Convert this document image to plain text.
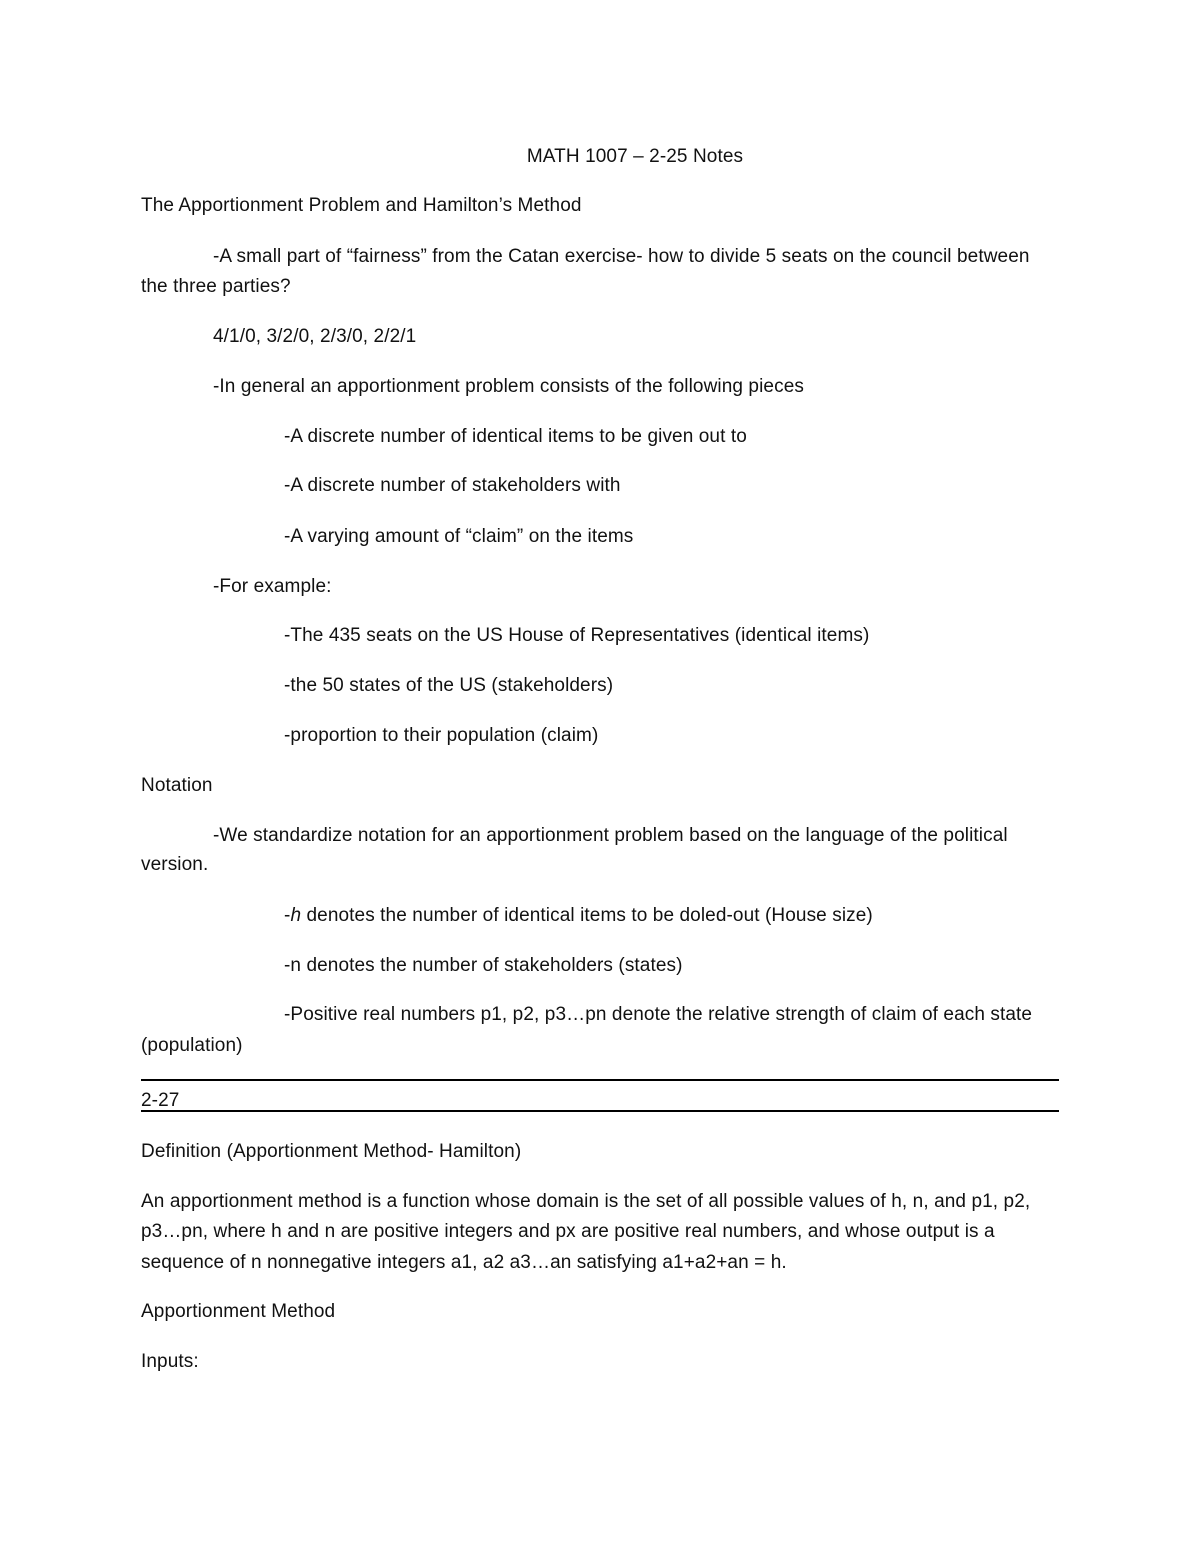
MATH 1007 – 2-25 Notes
The Apportionment Problem and Hamilton’s Method
-A small part of “fairness” from the Catan exercise- how to divide 5 seats on the council between
the three parties?
4/1/0, 3/2/0, 2/3/0, 2/2/1
-In general an apportionment problem consists of the following pieces
-A discrete number of identical items to be given out to
-A discrete number of stakeholders with
-A varying amount of “claim” on the items
-For example:
-The 435 seats on the US House of Representatives (identical items)
-the 50 states of the US (stakeholders)
-proportion to their population (claim)
Notation
-We standardize notation for an apportionment problem based on the language of the political
version.
-h denotes the number of identical items to be doled-out (House size)
-n denotes the number of stakeholders (states)
-Positive real numbers p1, p2, p3…pn denote the relative strength of claim of each state
(population)
2-27
Definition (Apportionment Method- Hamilton)
An apportionment method is a function whose domain is the set of all possible values of h, n, and p1, p2,
p3…pn, where h and n are positive integers and px are positive real numbers, and whose output is a
sequence of n nonnegative integers a1, a2 a3…an satisfying a1+a2+an = h.
Apportionment Method
Inputs:
